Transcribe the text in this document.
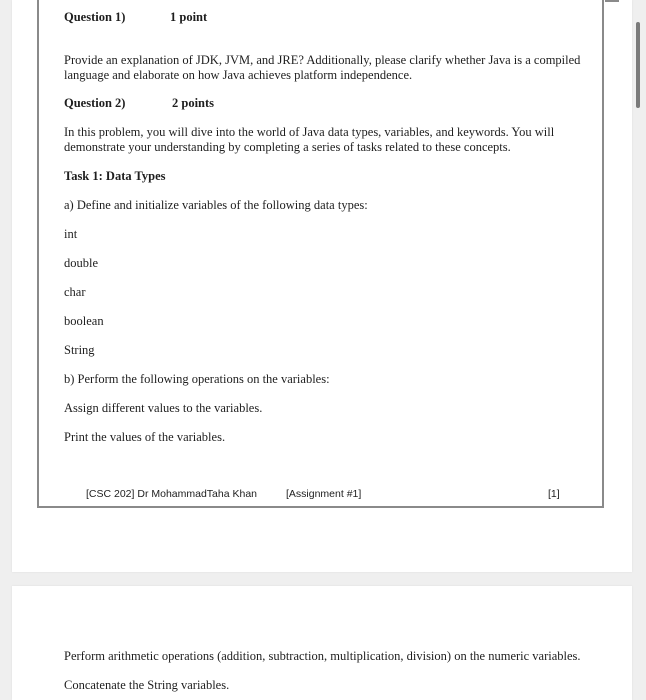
Question 1)	1 point
Provide an explanation of JDK, JVM, and JRE? Additionally, please clarify whether Java is a compiled language and elaborate on how Java achieves platform independence.
Question 2)	2 points
In this problem, you will dive into the world of Java data types, variables, and keywords. You will demonstrate your understanding by completing a series of tasks related to these concepts.
Task 1: Data Types
a) Define and initialize variables of the following data types:
int
double
char
boolean
String
b) Perform the following operations on the variables:
Assign different values to the variables.
Print the values of the variables.
[CSC 202] Dr MohammadTaha Khan	[Assignment #1]	[1]
Perform arithmetic operations (addition, subtraction, multiplication, division) on the numeric variables.
Concatenate the String variables.
